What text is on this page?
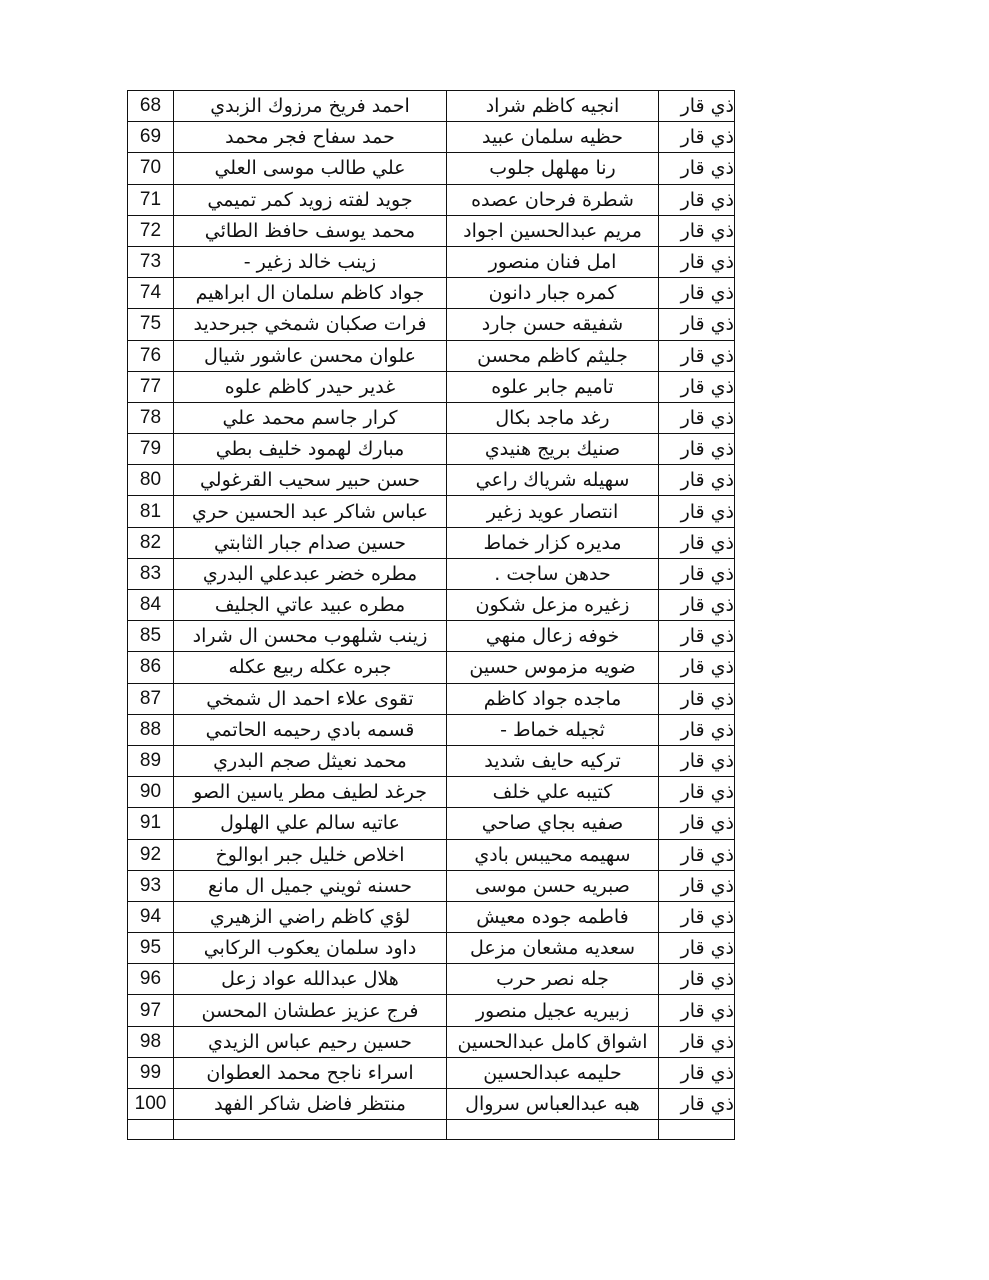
68	احمد فريخ مرزوك الزبدي	انجيه كاظم شراد	ذي قار
69	حمد سفاح فجر محمد	حظيه سلمان عبيد	ذي قار
70	علي طالب موسى العلي	رنا مهلهل جلوب	ذي قار
71	جويد لفته زويد كمر تميمي	شطرة فرحان عصده	ذي قار
72	محمد يوسف حافظ الطائي	مريم عبدالحسين اجواد	ذي قار
73	زينب خالد زغير -	امل فنان منصور	ذي قار
74	جواد كاظم سلمان ال ابراهيم	كمره جبار دانون	ذي قار
75	فرات صكبان شمخي جبرحديد	شفيقه حسن جارد	ذي قار
76	علوان محسن عاشور شيال	جليثم كاظم محسن	ذي قار
77	غدير حيدر كاظم علوه	تاميم جابر علوه	ذي قار
78	كرار جاسم محمد علي	رغد ماجد بكال	ذي قار
79	مبارك لهمود خليف بطي	صنيك بريج هنيدي	ذي قار
80	حسن حبير سحيب القرغولي	سهيله شرياك راعي	ذي قار
81	عباس شاكر عبد الحسين حري	انتصار عويد زغير	ذي قار
82	حسين صدام جبار الثابتي	مديره كزار خماط	ذي قار
83	مطره خضر عبدعلي البدري	حدهن ساجت .	ذي قار
84	مطره عبيد عاتي الجليف	زغيره مزعل شكون	ذي قار
85	زينب شلهوب محسن ال شراد	خوفه زعال منهي	ذي قار
86	جبره عكله ربيع عكله	ضويه مزموس حسين	ذي قار
87	تقوى علاء احمد ال شمخي	ماجده جواد كاظم	ذي قار
88	قسمه بادي رحيمه الحاتمي	ثجيله خماط -	ذي قار
89	محمد نعيثل صجم البدري	تركيه حايف شديد	ذي قار
90	جرغد لطيف مطر ياسين الصو	كتيبه علي خلف	ذي قار
91	عاتيه سالم علي الهلول	صفيه بجاي صاحي	ذي قار
92	اخلاص خليل جبر ابوالوخ	سهيمه محيبس بادي	ذي قار
93	حسنه ثويني جميل ال مانع	صبريه حسن موسى	ذي قار
94	لؤي كاظم راضي الزهيري	فاطمه جوده معيش	ذي قار
95	داود سلمان يعكوب الركابي	سعديه مشعان مزعل	ذي قار
96	هلال عبدالله عواد زعل	جله نصر حرب	ذي قار
97	فرج عزيز عطشان المحسن	زبيريه عجيل منصور	ذي قار
98	حسين رحيم عباس الزيدي	اشواق كامل عبدالحسين	ذي قار
99	اسراء ناجح محمد العطوان	حليمه عبدالحسين	ذي قار
100	منتظر فاضل شاكر الفهد	هبه عبدالعباس سروال	ذي قار
